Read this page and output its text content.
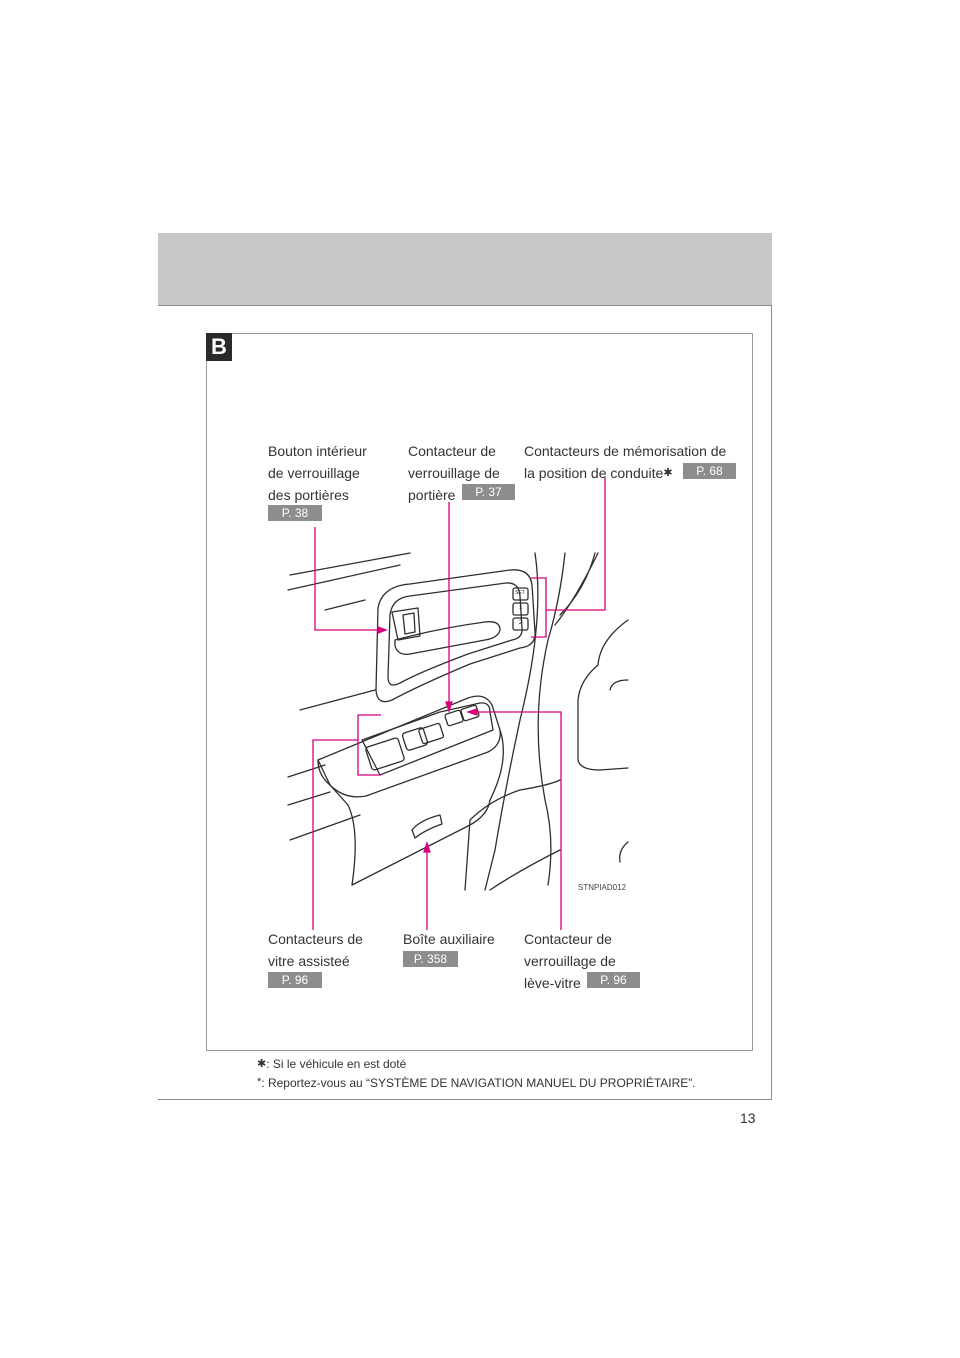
B
SET
1
2
Bouton intérieur
de verrouillage
des portières
P. 38
Contacteur de
verrouillage de
portière	P. 37
Contacteurs de mémorisation de
la position de conduite✱	P. 68
Contacteurs de
vitre assisteé
P. 96
Boîte auxiliaire
P. 358
Contacteur de
verrouillage de
lève-vitre	P. 96
STNPIAD012
✱: Si le véhicule en est doté
*: Reportez-vous au “SYSTÈME DE NAVIGATION MANUEL DU PROPRIÉTAIRE”.
13
